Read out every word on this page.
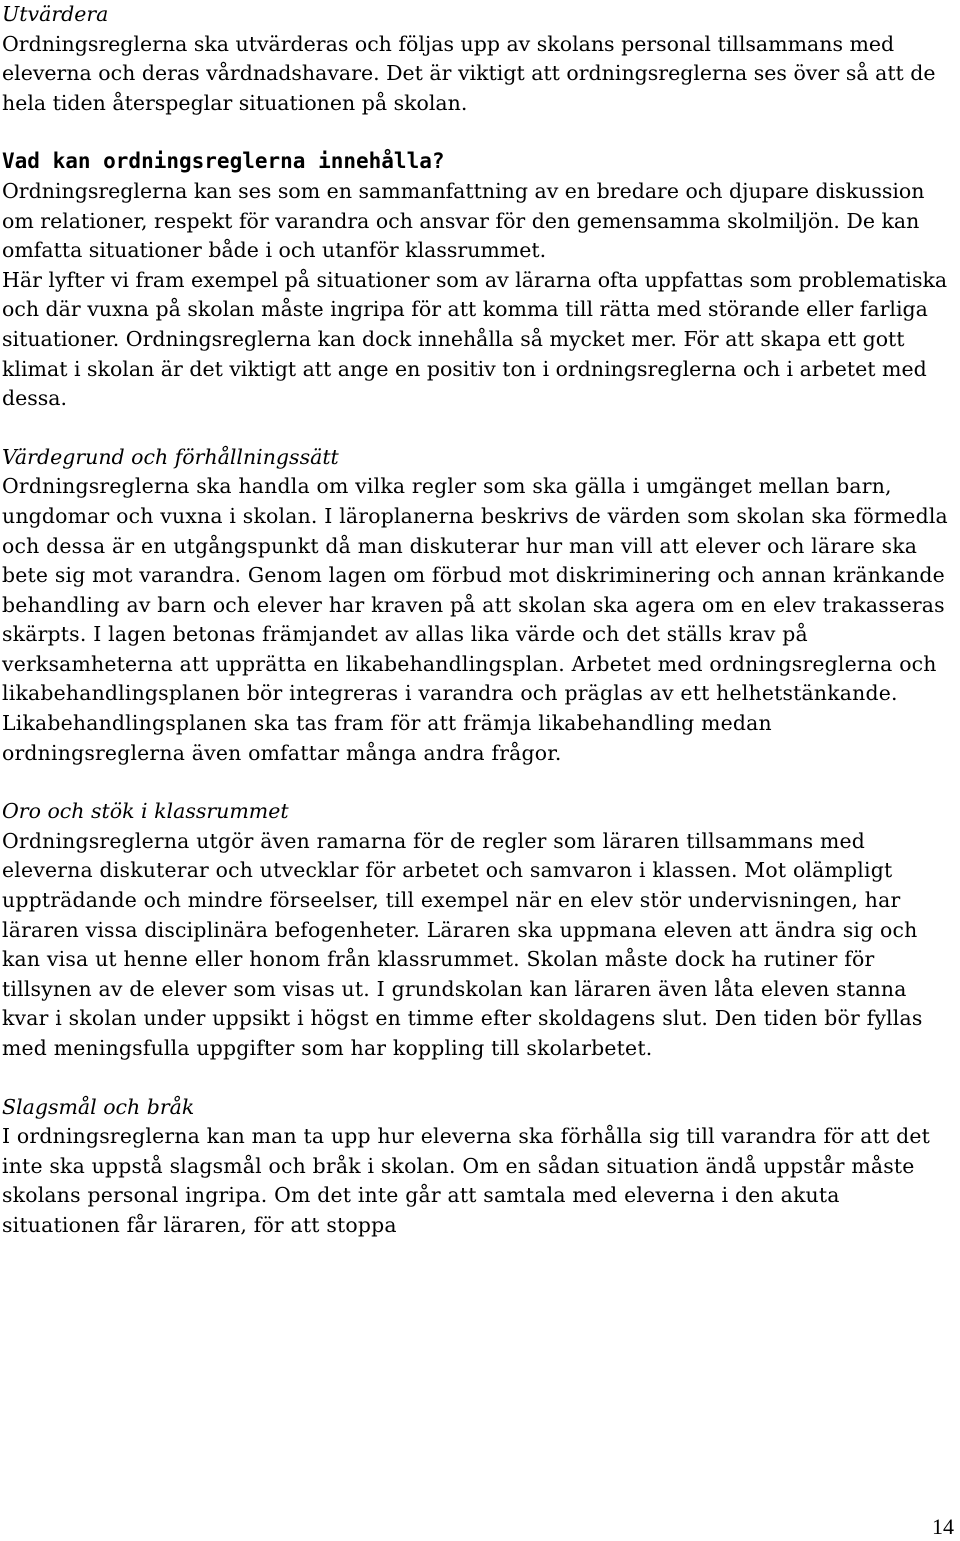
Utvärdera

Ordningsreglerna ska utvärderas och följas upp av skolans personal tillsammans med eleverna och deras vårdnadshavare. Det är viktigt att ordningsreglerna ses över så att de hela tiden återspeglar situationen på skolan.

Vad kan ordningsreglerna innehålla?

Ordningsreglerna kan ses som en sammanfattning av en bredare och djupare diskussion om relationer, respekt för varandra och ansvar för den gemensamma skolmiljön. De kan omfatta situationer både i och utanför klassrummet.

Här lyfter vi fram exempel på situationer som av lärarna ofta uppfattas som problematiska och där vuxna på skolan måste ingripa för att komma till rätta med störande eller farliga situationer. Ordningsreglerna kan dock innehålla så mycket mer. För att skapa ett gott klimat i skolan är det viktigt att ange en positiv ton i ordningsreglerna och i arbetet med dessa.

Värdegrund och förhållningssätt

Ordningsreglerna ska handla om vilka regler som ska gälla i umgänget mellan barn, ungdomar och vuxna i skolan. I läroplanerna beskrivs de värden som skolan ska förmedla och dessa är en utgångspunkt då man diskuterar hur man vill att elever och lärare ska bete sig mot varandra. Genom lagen om förbud mot diskriminering och annan kränkande behandling av barn och elever har kraven på att skolan ska agera om en elev trakasseras skärpts. I lagen betonas främjandet av allas lika värde och det ställs krav på verksamheterna att upprätta en likabehandlingsplan. Arbetet med ordningsreglerna och likabehandlingsplanen bör integreras i varandra och präglas av ett helhetstänkande. Likabehandlingsplanen ska tas fram för att främja likabehandling medan ordningsreglerna även omfattar många andra frågor.

Oro och stök i klassrummet

Ordningsreglerna utgör även ramarna för de regler som läraren tillsammans med eleverna diskuterar och utvecklar för arbetet och samvaron i klassen. Mot olämpligt uppträdande och mindre förseelser, till exempel när en elev stör undervisningen, har läraren vissa disciplinära befogenheter. Läraren ska uppmana eleven att ändra sig och kan visa ut henne eller honom från klassrummet. Skolan måste dock ha rutiner för tillsynen av de elever som visas ut. I grundskolan kan läraren även låta eleven stanna kvar i skolan under uppsikt i högst en timme efter skoldagens slut. Den tiden bör fyllas med meningsfulla uppgifter som har koppling till skolarbetet.

Slagsmål och bråk

I ordningsreglerna kan man ta upp hur eleverna ska förhålla sig till varandra för att det inte ska uppstå slagsmål och bråk i skolan. Om en sådan situation ändå uppstår måste skolans personal ingripa. Om det inte går att samtala med eleverna i den akuta situationen får läraren, för att stoppa

14
